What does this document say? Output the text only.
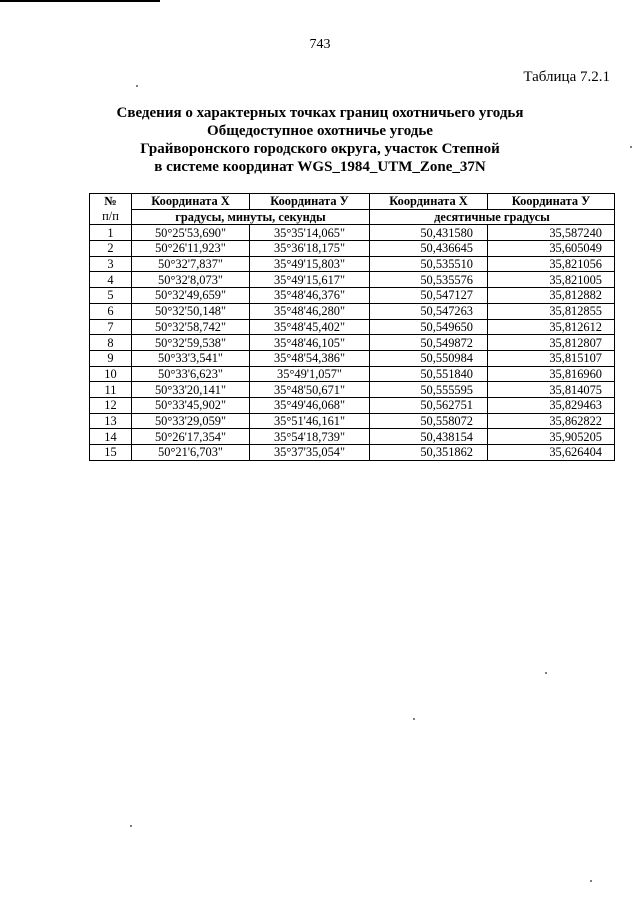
743
Таблица 7.2.1
Сведения о характерных точках границ охотничьего угодья
Общедоступное охотничье угодье
Грайворонского городского округа, участок Степной
в системе координат WGS_1984_UTM_Zone_37N
№
п/п	Координата Х	Координата У	Координата Х	Координата У
	градусы, минуты, секунды		десятичные градусы	
1	50°25'53,690"	35°35'14,065"	50,431580	35,587240
2	50°26'11,923"	35°36'18,175"	50,436645	35,605049
3	50°32'7,837"	35°49'15,803"	50,535510	35,821056
4	50°32'8,073"	35°49'15,617"	50,535576	35,821005
5	50°32'49,659"	35°48'46,376"	50,547127	35,812882
6	50°32'50,148"	35°48'46,280"	50,547263	35,812855
7	50°32'58,742"	35°48'45,402"	50,549650	35,812612
8	50°32'59,538"	35°48'46,105"	50,549872	35,812807
9	50°33'3,541"	35°48'54,386"	50,550984	35,815107
10	50°33'6,623"	35°49'1,057"	50,551840	35,816960
11	50°33'20,141"	35°48'50,671"	50,555595	35,814075
12	50°33'45,902"	35°49'46,068"	50,562751	35,829463
13	50°33'29,059"	35°51'46,161"	50,558072	35,862822
14	50°26'17,354"	35°54'18,739"	50,438154	35,905205
15	50°21'6,703"	35°37'35,054"	50,351862	35,626404
